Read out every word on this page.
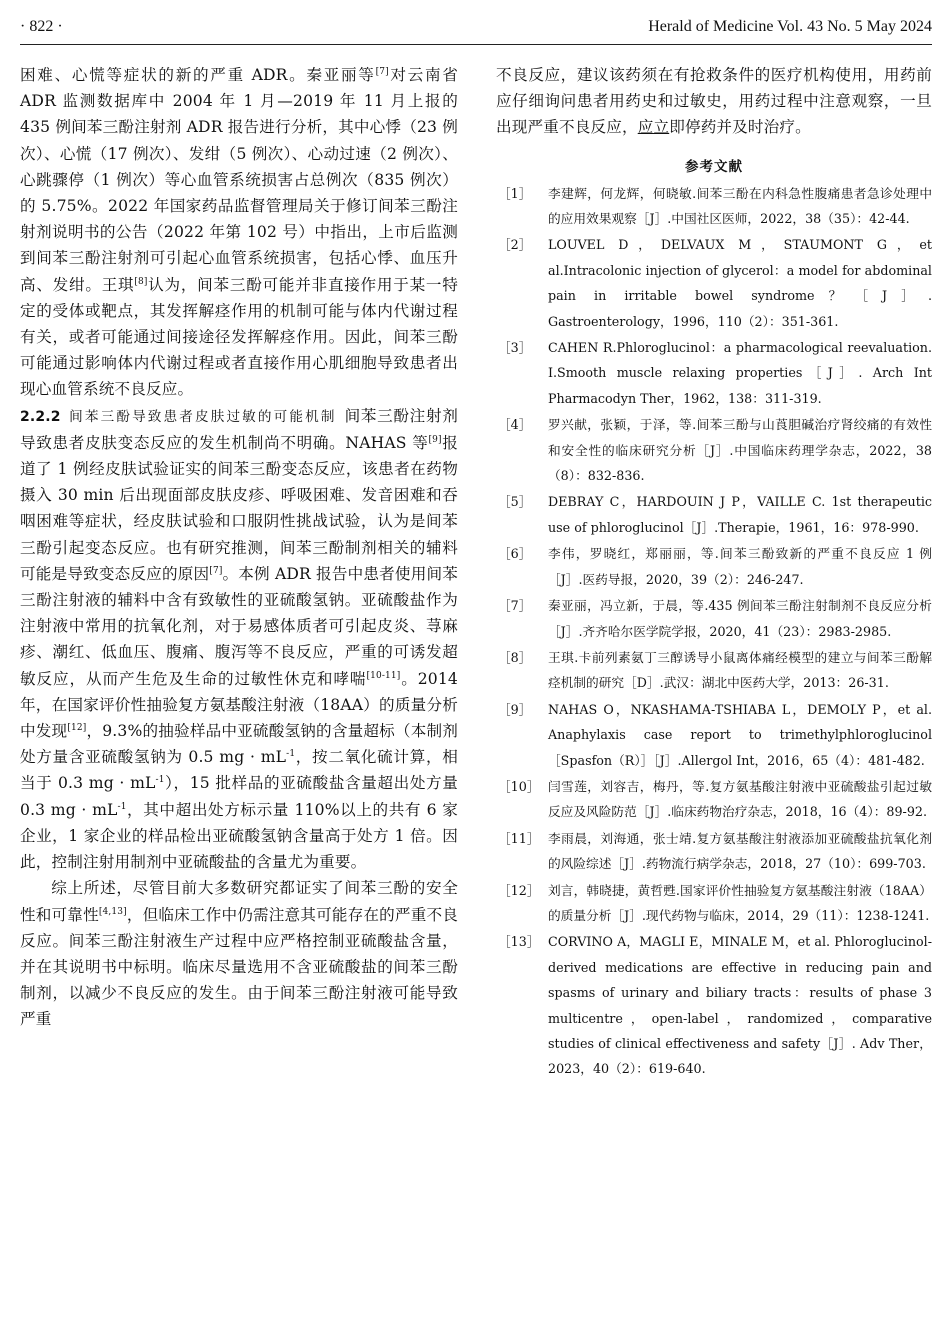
· 822 ·	Herald of Medicine Vol. 43 No. 5 May 2024

困难、心慌等症状的新的严重 ADR。秦亚丽等[7]对云南省 ADR 监测数据库中 2004 年 1 月—2019 年 11 月上报的 435 例间苯三酚注射剂 ADR 报告进行分析，其中心悸（23 例次）、心慌（17 例次）、发绀（5 例次）、心动过速（2 例次）、心跳骤停（1 例次）等心血管系统损害占总例次（835 例次）的 5.75%。2022 年国家药品监督管理局关于修订间苯三酚注射剂说明书的公告（2022 年第 102 号）中指出，上市后监测到间苯三酚注射剂可引起心血管系统损害，包括心悸、血压升高、发绀。王琪[8]认为，间苯三酚可能并非直接作用于某一特定的受体或靶点，其发挥解痉作用的机制可能与体内代谢过程有关，或者可能通过间接途径发挥解痉作用。因此，间苯三酚可能通过影响体内代谢过程或者直接作用心肌细胞导致患者出现心血管系统不良反应。

2.2.2 间苯三酚导致患者皮肤过敏的可能机制 间苯三酚注射剂导致患者皮肤变态反应的发生机制尚不明确。NAHAS 等[9]报道了 1 例经皮肤试验证实的间苯三酚变态反应，该患者在药物摄入 30 min 后出现面部皮肤皮疹、呼吸困难、发音困难和吞咽困难等症状，经皮肤试验和口服阴性挑战试验，认为是间苯三酚引起变态反应。也有研究推测，间苯三酚制剂相关的辅料可能是导致变态反应的原因[7]。本例 ADR 报告中患者使用间苯三酚注射液的辅料中含有致敏性的亚硫酸氢钠。亚硫酸盐作为注射液中常用的抗氧化剂，对于易感体质者可引起皮炎、荨麻疹、潮红、低血压、腹痛、腹泻等不良反应，严重的可诱发超敏反应，从而产生危及生命的过敏性休克和哮喘[10-11]。2014 年，在国家评价性抽验复方氨基酸注射液（18AA）的质量分析中发现[12]，9.3%的抽验样品中亚硫酸氢钠的含量超标（本制剂处方量含亚硫酸氢钠为 0.5 mg · $mL^{-1}$，按二氧化硫计算，相当于 0.3 mg · $mL^{-1}$），15 批样品的亚硫酸盐含量超出处方量 0.3 mg · $mL^{-1}$，其中超出处方标示量 110%以上的共有 6 家企业，1 家企业的样品检出亚硫酸氢钠含量高于处方 1 倍。因此，控制注射用制剂中亚硫酸盐的含量尤为重要。

综上所述，尽管目前大多数研究都证实了间苯三酚的安全性和可靠性[4,13]，但临床工作中仍需注意其可能存在的严重不良反应。间苯三酚注射液生产过程中应严格控制亚硫酸盐含量，并在其说明书中标明。临床尽量选用不含亚硫酸盐的间苯三酚制剂，以减少不良反应的发生。由于间苯三酚注射液可能导致严重

不良反应，建议该药须在有抢救条件的医疗机构使用，用药前应仔细询问患者用药史和过敏史，用药过程中注意观察，一旦出现严重不良反应，应立即停药并及时治疗。

参考文献
［1］	李建辉，何龙辉，何晓敏.间苯三酚在内科急性腹痛患者急诊处理中的应用效果观察［J］.中国社区医师，2022，38（35）：42-44.
［2］	LOUVEL D，DELVAUX M，STAUMONT G，et al.Intracolonic injection of glycerol：a model for abdominal pain in irritable bowel syndrome？［J］. Gastroenterology，1996，110（2）：351-361.
［3］	CAHEN R.Phloroglucinol：a pharmacological reevaluation. I.Smooth muscle relaxing properties［J］. Arch Int Pharmacodyn Ther，1962，138：311-319.
［4］	罗兴献，张颖，于泽，等.间苯三酚与山莨胆碱治疗肾绞痛的有效性和安全性的临床研究分析［J］.中国临床药理学杂志，2022，38（8）：832-836.
［5］	DEBRAY C，HARDOUIN J P，VAILLE C. 1st therapeutic use of phloroglucinol［J］.Therapie，1961，16：978-990.
［6］	李伟，罗晓红，郑丽丽，等.间苯三酚致新的严重不良反应 1 例［J］.医药导报，2020，39（2）：246-247.
［7］	秦亚丽，冯立新，于晨，等.435 例间苯三酚注射制剂不良反应分析［J］.齐齐哈尔医学院学报，2020，41（23）：2983-2985.
［8］	王琪.卡前列素氨丁三醇诱导小鼠离体痛经模型的建立与间苯三酚解痉机制的研究［D］.武汉：湖北中医药大学，2013：26-31.
［9］	NAHAS O，NKASHAMA-TSHIABA L，DEMOLY P，et al. Anaphylaxis case report to trimethylphloroglucinol［Spasfon（R）］［J］.Allergol Int，2016，65（4）：481-482.
［10］ 闫雪莲，刘容吉，梅丹，等.复方氨基酸注射液中亚硫酸盐引起过敏反应及风险防范［J］.临床药物治疗杂志，2018，16（4）：89-92.
［11］ 李雨晨，刘海通，张士靖.复方氨基酸注射液添加亚硫酸盐抗氧化剂的风险综述［J］.药物流行病学杂志，2018，27（10）：699-703.
［12］ 刘言，韩晓捷，黄哲甦.国家评价性抽验复方氨基酸注射液（18AA）的质量分析［J］.现代药物与临床，2014，29（11）：1238-1241.
［13］ CORVINO A，MAGLI E，MINALE M，et al. Phloroglucinol-derived medications are effective in reducing pain and spasms of urinary and biliary tracts：results of phase 3 multicentre，open-label，randomized，comparative studies of clinical effectiveness and safety［J］. Adv Ther，2023，40（2）：619-640.
